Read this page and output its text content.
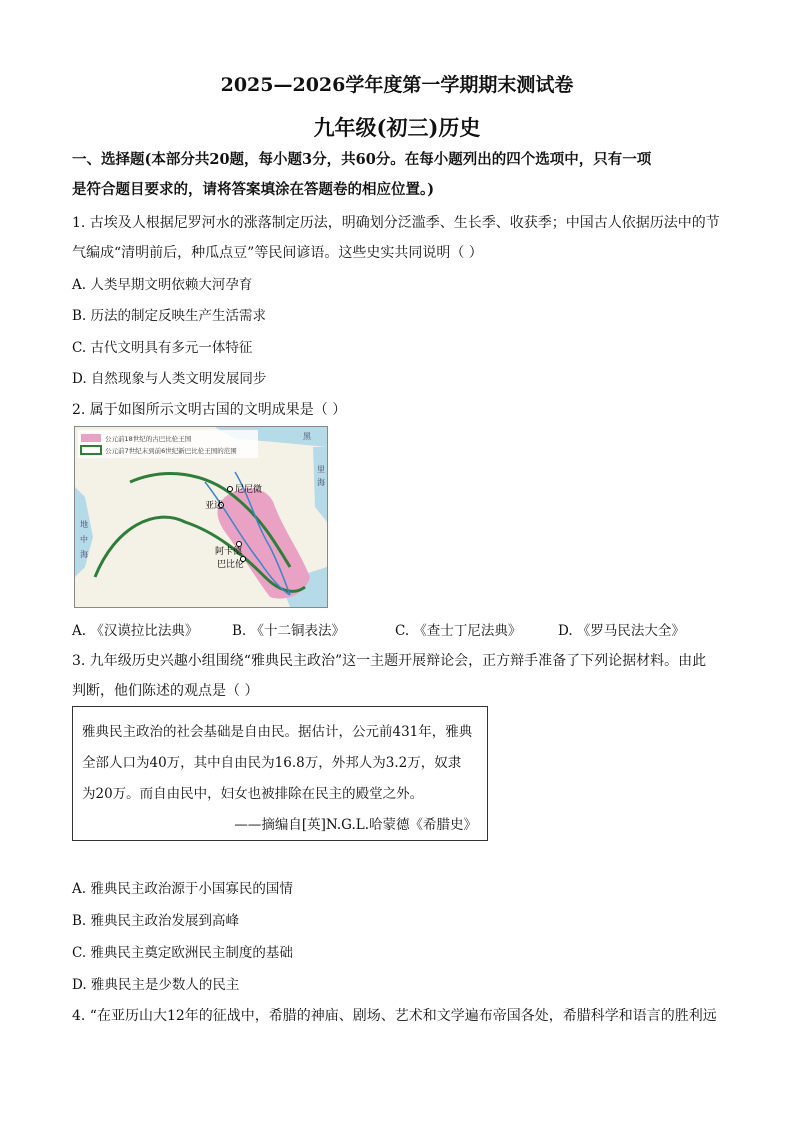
2025—2026学年度第一学期期末测试卷
九年级(初三)历史
一、选择题(本部分共20题，每小题3分，共60分。在每小题列出的四个选项中，只有一项
是符合题目要求的，请将答案填涂在答题卷的相应位置。)
1. 古埃及人根据尼罗河水的涨落制定历法，明确划分泛滥季、生长季、收获季；中国古人依据历法中的节
气编成“清明前后，种瓜点豆”等民间谚语。这些史实共同说明（ ）
A. 人类早期文明依赖大河孕育
B. 历法的制定反映生产生活需求
C. 古代文明具有多元一体特征
D. 自然现象与人类文明发展同步
2. 属于如图所示文明古国的文明成果是（ ）
公元前18世纪的古巴比伦王国
公元前7世纪末到前6世纪新巴比伦王国的范围
尼尼微
亚述
阿卡德
巴比伦
地
中
海
黑
里
海
A. 《汉谟拉比法典》 B. 《十二铜表法》	C. 《查士丁尼法典》	D. 《罗马民法大全》
3. 九年级历史兴趣小组围绕“雅典民主政治”这一主题开展辩论会，正方辩手准备了下列论据材料。由此
判断，他们陈述的观点是（ ）
雅典民主政治的社会基础是自由民。据估计，公元前431年，雅典
全部人口为40万，其中自由民为16.8万，外邦人为3.2万，奴隶
为20万。而自由民中，妇女也被排除在民主的殿堂之外。
——摘编自[英]N.G.L.哈蒙德《希腊史》
A. 雅典民主政治源于小国寡民的国情
B. 雅典民主政治发展到高峰
C. 雅典民主奠定欧洲民主制度的基础
D. 雅典民主是少数人的民主
4. “在亚历山大12年的征战中，希腊的神庙、剧场、艺术和文学遍布帝国各处，希腊科学和语言的胜利远
